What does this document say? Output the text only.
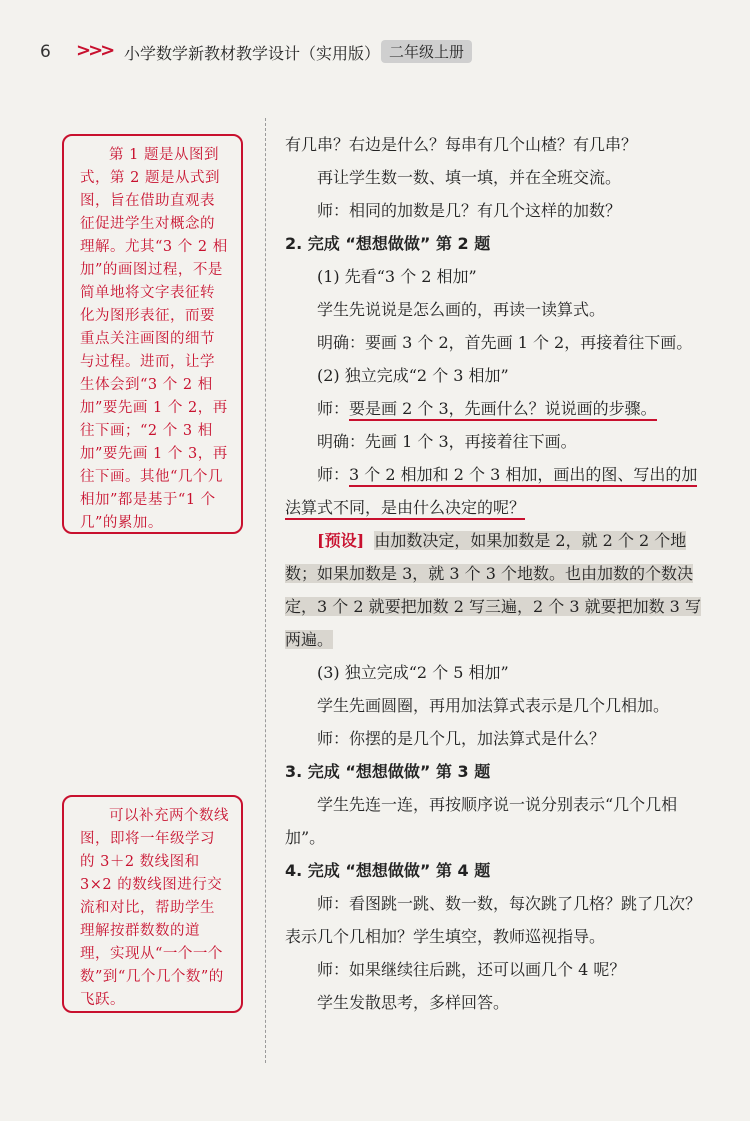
6 >>> 小学数学新教材教学设计（实用版） 二年级上册
第 1 题是从图到式，第 2 题是从式到图，旨在借助直观表征促进学生对概念的理解。尤其“3 个 2 相加”的画图过程，不是简单地将文字表征转化为图形表征，而要重点关注画图的细节与过程。进而，让学生体会到“3 个 2 相加”要先画 1 个 2，再往下画；“2 个 3 相加”要先画 1 个 3，再往下画。其他“几个几相加”都是基于“1 个几”的累加。
可以补充两个数线图，即将一年级学习的 3＋2 数线图和 3×2 的数线图进行交流和对比，帮助学生理解按群数数的道理，实现从“一个一个数”到“几个几个数”的飞跃。

有几串？右边是什么？每串有几个山楂？有几串？

再让学生数一数、填一填，并在全班交流。

师：相同的加数是几？有几个这样的加数？

2. 完成 “想想做做” 第 2 题

(1) 先看“3 个 2 相加”

学生先说说是怎么画的，再读一读算式。

明确：要画 3 个 2，首先画 1 个 2，再接着往下画。

(2) 独立完成“2 个 3 相加”

师：要是画 2 个 3，先画什么？说说画的步骤。

明确：先画 1 个 3，再接着往下画。

师：3 个 2 相加和 2 个 3 相加，画出的图、写出的加法算式不同，是由什么决定的呢？

[预设] 由加数决定，如果加数是 2，就 2 个 2 个地数；如果加数是 3，就 3 个 3 个地数。也由加数的个数决定，3 个 2 就要把加数 2 写三遍，2 个 3 就要把加数 3 写两遍。

(3) 独立完成“2 个 5 相加”

学生先画圆圈，再用加法算式表示是几个几相加。

师：你摆的是几个几，加法算式是什么？

3. 完成 “想想做做” 第 3 题

学生先连一连，再按顺序说一说分别表示“几个几相加”。

4. 完成 “想想做做” 第 4 题

师：看图跳一跳、数一数，每次跳了几格？跳了几次？表示几个几相加？学生填空，教师巡视指导。

师：如果继续往后跳，还可以画几个 4 呢？

学生发散思考，多样回答。
